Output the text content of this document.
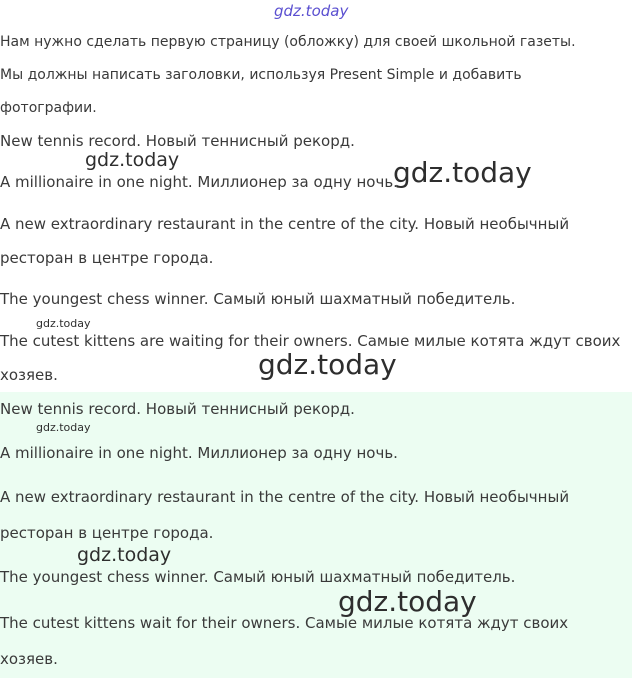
gdz.today

Нам нужно сделать первую страницу (обложку) для своей школьной газеты.

Мы должны написать заголовки, используя Present Simple и добавить

фотографии.

New tennis record. Новый теннисный рекорд.

A millionaire in one night. Миллионер за одну ночь.

A new extraordinary restaurant in the centre of the city. Новый необычный

ресторан в центре города.

The youngest chess winner. Самый юный шахматный победитель.

The cutest kittens are waiting for their owners. Самые милые котята ждут своих

хозяев.

New tennis record. Новый теннисный рекорд.

A millionaire in one night. Миллионер за одну ночь.

A new extraordinary restaurant in the centre of the city. Новый необычный

ресторан в центре города.

The youngest chess winner. Самый юный шахматный победитель.

The cutest kittens wait for their owners. Самые милые котята ждут своих

хозяев.

gdz.today	gdz.today
gdz.today
gdz.today
gdz.today
gdz.today
gdz.today
